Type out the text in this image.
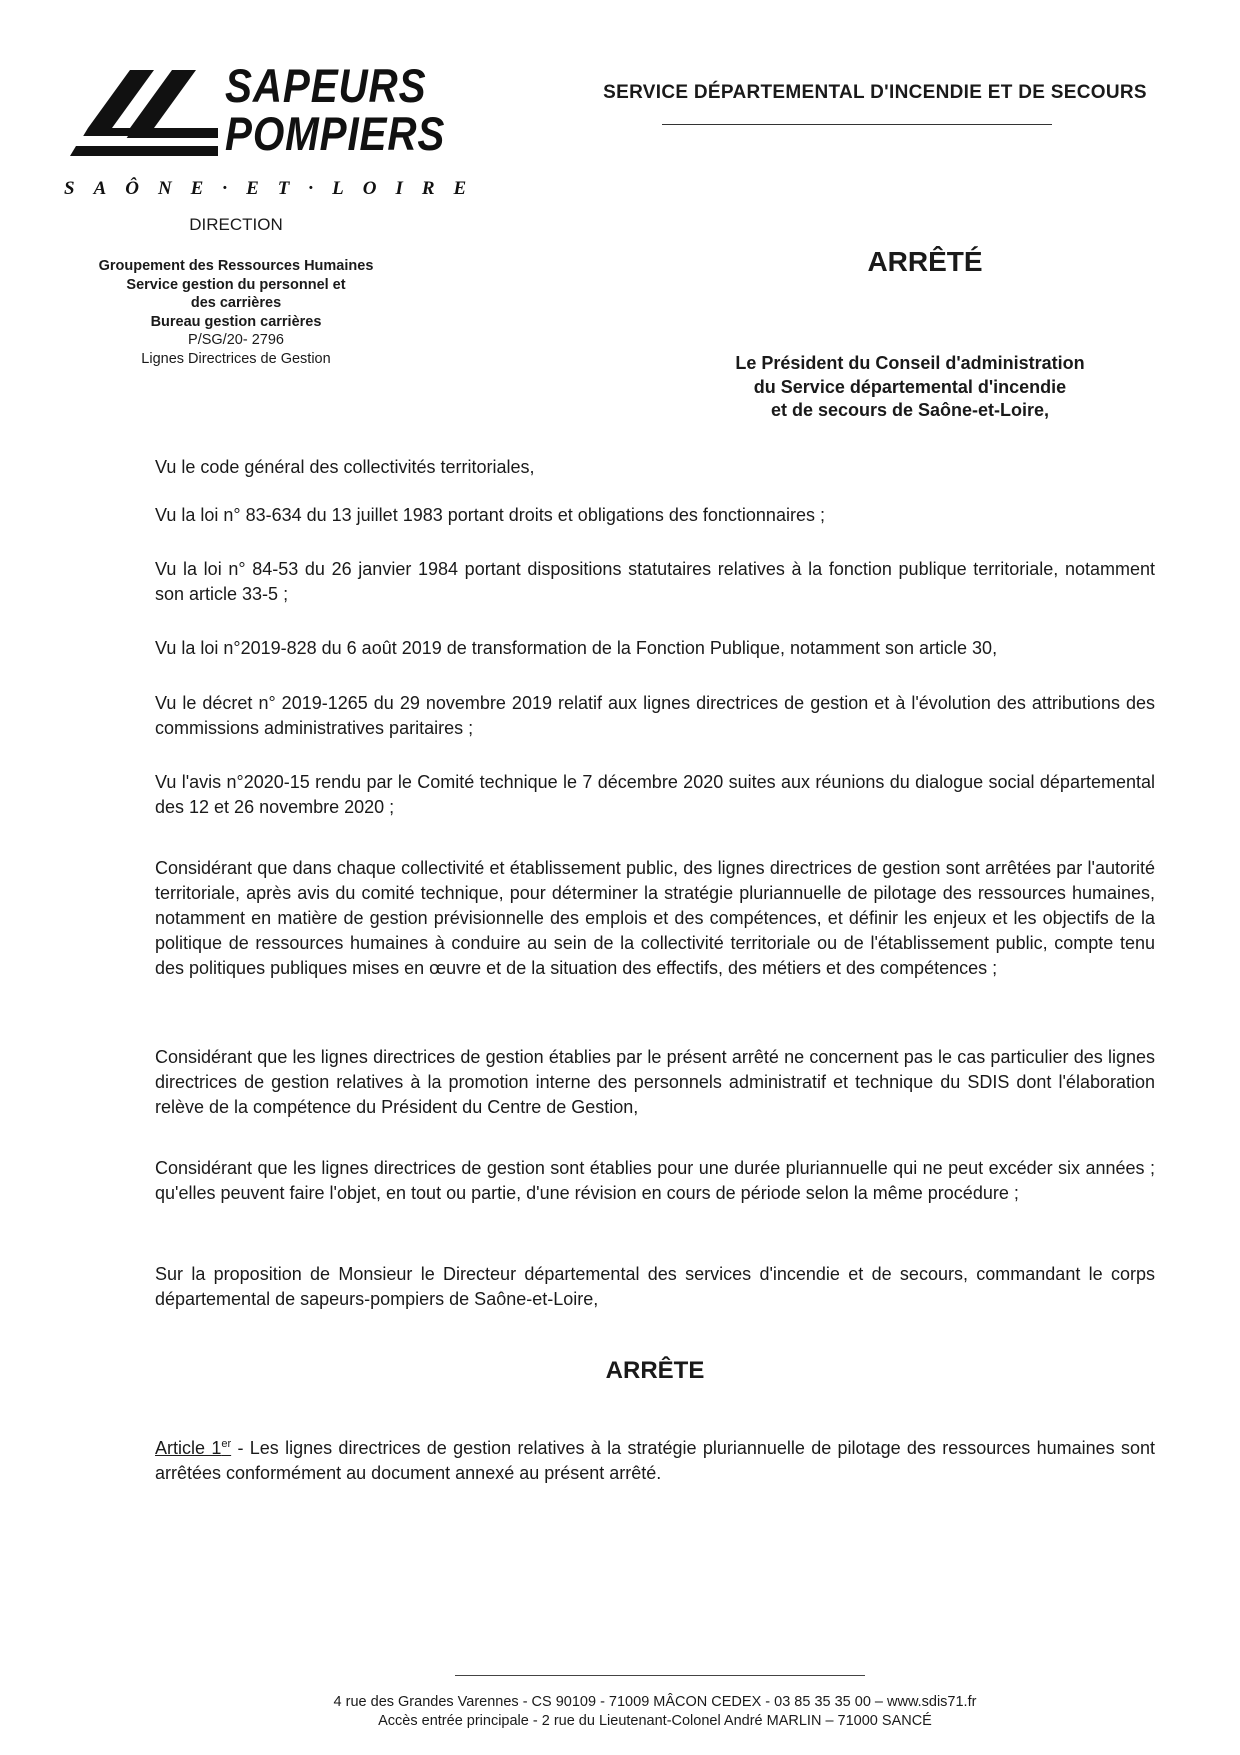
SAPEURS
POMPIERS
SAÔNE·ET·LOIRE
DIRECTION
Groupement des Ressources Humaines
Service gestion du personnel et
des carrières
Bureau gestion carrières
P/SG/20- 2796
Lignes Directrices de Gestion
SERVICE DÉPARTEMENTAL D'INCENDIE ET DE SECOURS
ARRÊTÉ
Le Président du Conseil d'administration
du Service départemental d'incendie
et de secours de Saône-et-Loire,

Vu le code général des collectivités territoriales,

Vu la loi n° 83-634 du 13 juillet 1983 portant droits et obligations des fonctionnaires ;

Vu la loi n° 84-53 du 26 janvier 1984 portant dispositions statutaires relatives à la fonction publique territoriale, notamment son article 33-5 ;

Vu la loi n°2019-828 du 6 août 2019 de transformation de la Fonction Publique, notamment son article 30,

Vu le décret n° 2019-1265 du 29 novembre 2019 relatif aux lignes directrices de gestion et à l'évolution des attributions des commissions administratives paritaires ;

Vu l'avis n°2020-15 rendu par le Comité technique le 7 décembre 2020 suites aux réunions du dialogue social départemental des 12 et 26 novembre 2020 ;

Considérant que dans chaque collectivité et établissement public, des lignes directrices de gestion sont arrêtées par l'autorité territoriale, après avis du comité technique, pour déterminer la stratégie pluriannuelle de pilotage des ressources humaines, notamment en matière de gestion prévisionnelle des emplois et des compétences, et définir les enjeux et les objectifs de la politique de ressources humaines à conduire au sein de la collectivité territoriale ou de l'établissement public, compte tenu des politiques publiques mises en œuvre et de la situation des effectifs, des métiers et des compétences ;

Considérant que les lignes directrices de gestion établies par le présent arrêté ne concernent pas le cas particulier des lignes directrices de gestion relatives à la promotion interne des personnels administratif et technique du SDIS dont l'élaboration relève de la compétence du Président du Centre de Gestion,

Considérant que les lignes directrices de gestion sont établies pour une durée pluriannuelle qui ne peut excéder six années ; qu'elles peuvent faire l'objet, en tout ou partie, d'une révision en cours de période selon la même procédure ;

Sur la proposition de Monsieur le Directeur départemental des services d'incendie et de secours, commandant le corps départemental de sapeurs-pompiers de Saône-et-Loire,

ARRÊTE

Article 1er - Les lignes directrices de gestion relatives à la stratégie pluriannuelle de pilotage des ressources humaines sont arrêtées conformément au document annexé au présent arrêté.

4 rue des Grandes Varennes - CS 90109 - 71009 MÂCON CEDEX - 03 85 35 35 00 – www.sdis71.fr
Accès entrée principale - 2 rue du Lieutenant-Colonel André MARLIN – 71000 SANCÉ
